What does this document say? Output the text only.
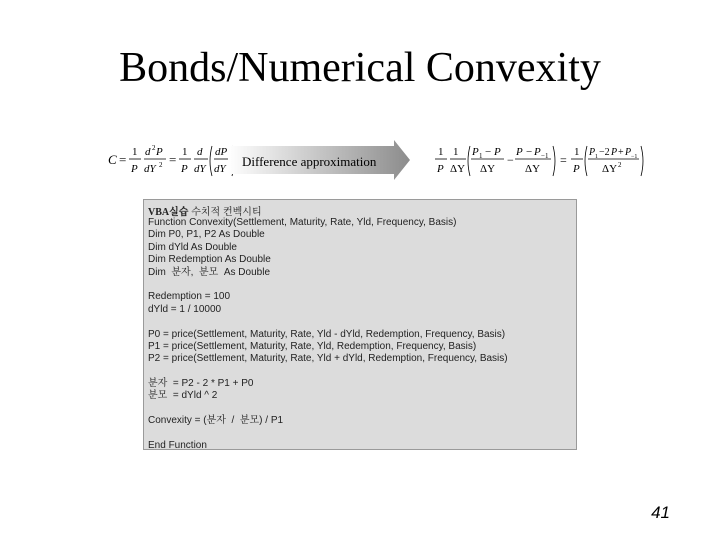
Bonds/Numerical Convexity
C = 1
P
d 2 P
dY 2 = 1
P
d
dY
dP
dY Difference approximation
1
P
1
ΔY
P 1 − P
ΔY
−
P − P −1
ΔY
=
1
P
P 1 −2 P + P −1
ΔY 2
VBA실습 수치적 컨벡시티
Function Convexity(Settlement, Maturity, Rate, Yld, Frequency, Basis)
Dim P0, P1, P2 As Double
Dim dYld As Double
Dim Redemption As Double
Dim  분자,  분모  As Double
Redemption = 100
dYld = 1 / 10000
P0 = price(Settlement, Maturity, Rate, Yld - dYld, Redemption, Frequency, Basis)
P1 = price(Settlement, Maturity, Rate, Yld, Redemption, Frequency, Basis)
P2 = price(Settlement, Maturity, Rate, Yld + dYld, Redemption, Frequency, Basis)
분자  = P2 - 2 * P1 + P0
분모  = dYld ^ 2
Convexity = (분자  /  분모) / P1
End Function
41
